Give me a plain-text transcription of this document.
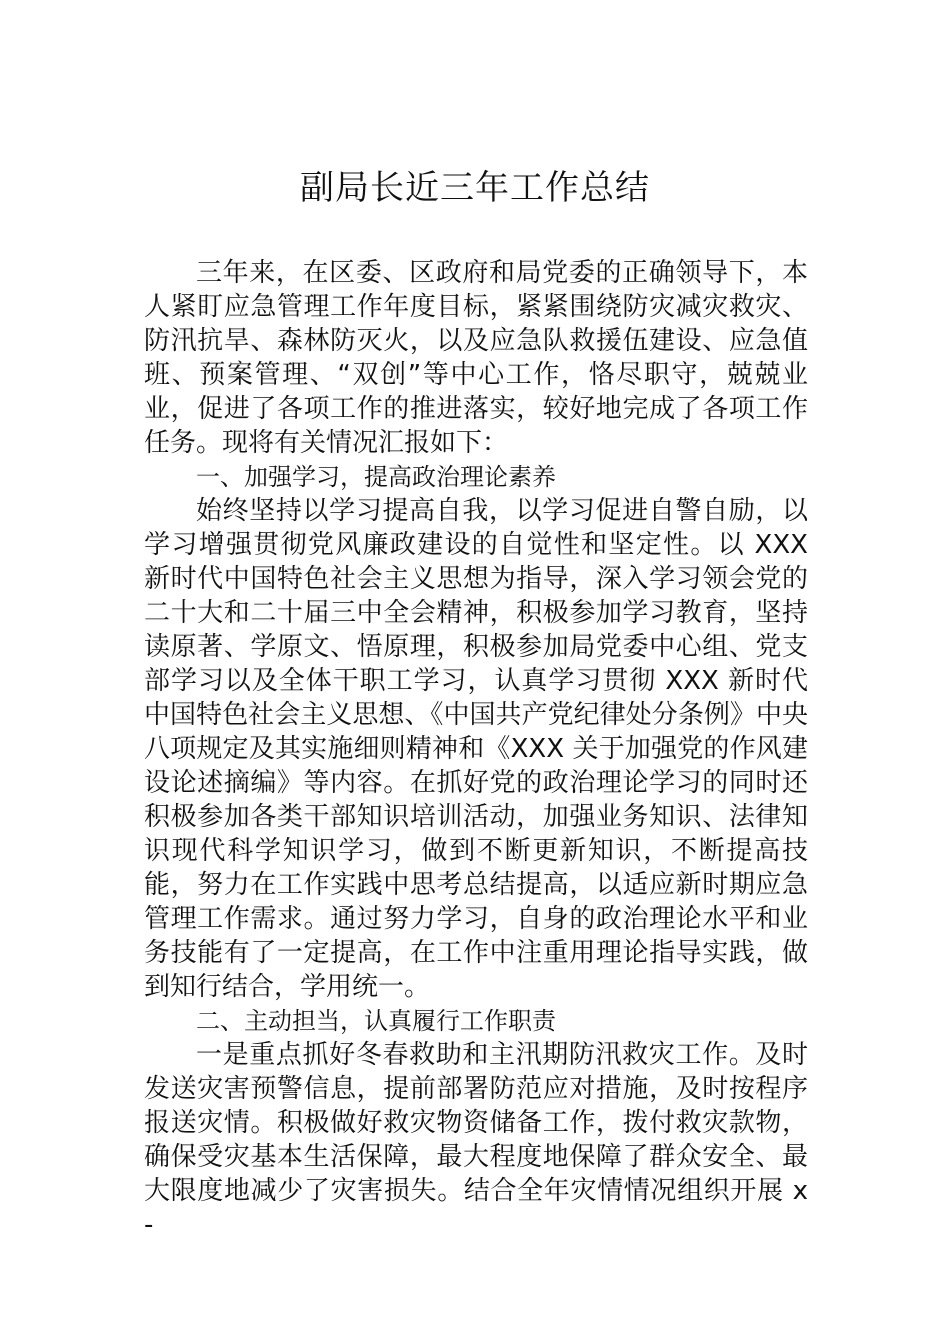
副局长近三年工作总结

三年来，在区委、区政府和局党委的正确领导下，本人紧盯应急管理工作年度目标，紧紧围绕防灾减灾救灾、防汛抗旱、森林防灭火，以及应急队救援伍建设、应急值班、预案管理、“双创”等中心工作，恪尽职守，兢兢业业，促进了各项工作的推进落实，较好地完成了各项工作任务。现将有关情况汇报如下：

一、加强学习，提高政治理论素养

始终坚持以学习提高自我，以学习促进自警自励，以学习增强贯彻党风廉政建设的自觉性和坚定性。以 XXX 新时代中国特色社会主义思想为指导，深入学习领会党的二十大和二十届三中全会精神，积极参加学习教育，坚持读原著、学原文、悟原理，积极参加局党委中心组、党支部学习以及全体干职工学习，认真学习贯彻 XXX 新时代中国特色社会主义思想、《中国共产党纪律处分条例》中央八项规定及其实施细则精神和《XXX 关于加强党的作风建设论述摘编》等内容。在抓好党的政治理论学习的同时还积极参加各类干部知识培训活动，加强业务知识、法律知识现代科学知识学习，做到不断更新知识，不断提高技能，努力在工作实践中思考总结提高，以适应新时期应急管理工作需求。通过努力学习，自身的政治理论水平和业务技能有了一定提高，在工作中注重用理论指导实践，做到知行结合，学用统一。

二、主动担当，认真履行工作职责

一是重点抓好冬春救助和主汛期防汛救灾工作。及时发送灾害预警信息，提前部署防范应对措施，及时按程序报送灾情。积极做好救灾物资储备工作，拨付救灾款物，确保受灾基本生活保障，最大程度地保障了群众安全、最大限度地减少了灾害损失。结合全年灾情情况组织开展 x -
